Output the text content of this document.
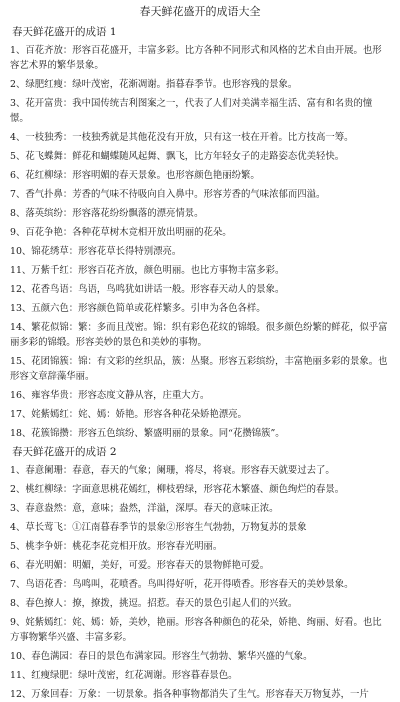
春天鲜花盛开的成语大全
春天鲜花盛开的成语 1
1、百花齐放：形容百花盛开，丰富多彩。比方各种不同形式和风格的艺术自由开展。也形容艺术界的繁华景象。
2、绿肥红瘦：绿叶茂密，花渐凋谢。指暮春季节。也形容残的景象。
3、花开富贵：我中国传统吉利图案之一，代表了人们对美满幸福生活、富有和名贵的憧憬。
4、一枝独秀：一枝独秀就是其他花没有开放，只有这一枝在开着。比方技高一筹。
5、花飞蝶舞：鲜花和蝴蝶随风起舞、飘飞，比方年轻女子的走路姿态优美轻快。
6、花红柳绿：形容明媚的春天景象。也形容颜色艳丽纷繁。
7、香气扑鼻：芳香的气味不待吸向自入鼻中。形容芳香的气味浓郁而四溢。
8、落英缤纷：形容落花纷纷飘落的漂亮情景。
9、百花争艳：各种花草树木竞相开放出明丽的花朵。
10、锦花绣草：形容花草长得特别漂亮。
11、万紫千红：形容百花齐放，颜色明丽。也比方事物丰富多彩。
12、花香鸟语：鸟语，鸟鸣犹如讲话一般。形容春天动人的景象。
13、五颜六色：形容颜色简单或花样繁多。引申为各色各样。
14、繁花似锦：繁：多而且茂密。锦：织有彩色花纹的锦缎。很多颜色纷繁的鲜花，似乎富丽多彩的锦缎。形容美妙的景色和美妙的事物。
15、花团锦簇：锦：有文彩的丝织品，簇：丛聚。形容五彩缤纷，丰富艳丽多彩的景象。也形容文章辞藻华丽。
16、雍容华贵：形容态度文静从容，庄重大方。
17、姹紫嫣红：姹、嫣：娇艳。形容各种花朵娇艳漂亮。
18、花簇锦攒：形容五色缤纷、繁盛明丽的景象。同“花攒锦簇”。
春天鲜花盛开的成语 2
1、春意阑珊：春意，春天的气象；阑珊，将尽，将衰。形容春天就要过去了。
2、桃红柳绿：字面意思桃花嫣红，柳枝碧绿，形容花木繁盛、颜色绚烂的春景。
3、春意盎然：意，意味；盎然，洋溢，深厚。春天的意味正浓。
4、草长莺飞：①江南暮春季节的景象②形容生气勃勃，万物复苏的景象
5、桃李争妍：桃花李花竞相开放。形容春光明丽。
6、春光明媚：明媚，美好，可爱。形容春天的景物鲜艳可爱。
7、鸟语花香：鸟鸣叫，花喷香。鸟叫得好听，花开得喷香。形容春天的美妙景象。
8、春色撩人：撩，撩拨，挑逗。招惹。春天的景色引起人们的兴致。
9、姹紫嫣红：姹、嫣：娇，美妙，艳丽。形容各种颜色的花朵，娇艳、绚丽、好看。也比方事物繁华兴盛、丰富多彩。
10、春色满园：春日的景色布满家园。形容生气勃勃、繁华兴盛的气象。
11、红瘦绿肥：绿叶茂密，红花凋谢。形容暮春景色。
12、万象回春：万象：一切景象。指各种事物都消失了生气。形容春天万物复苏，一片
